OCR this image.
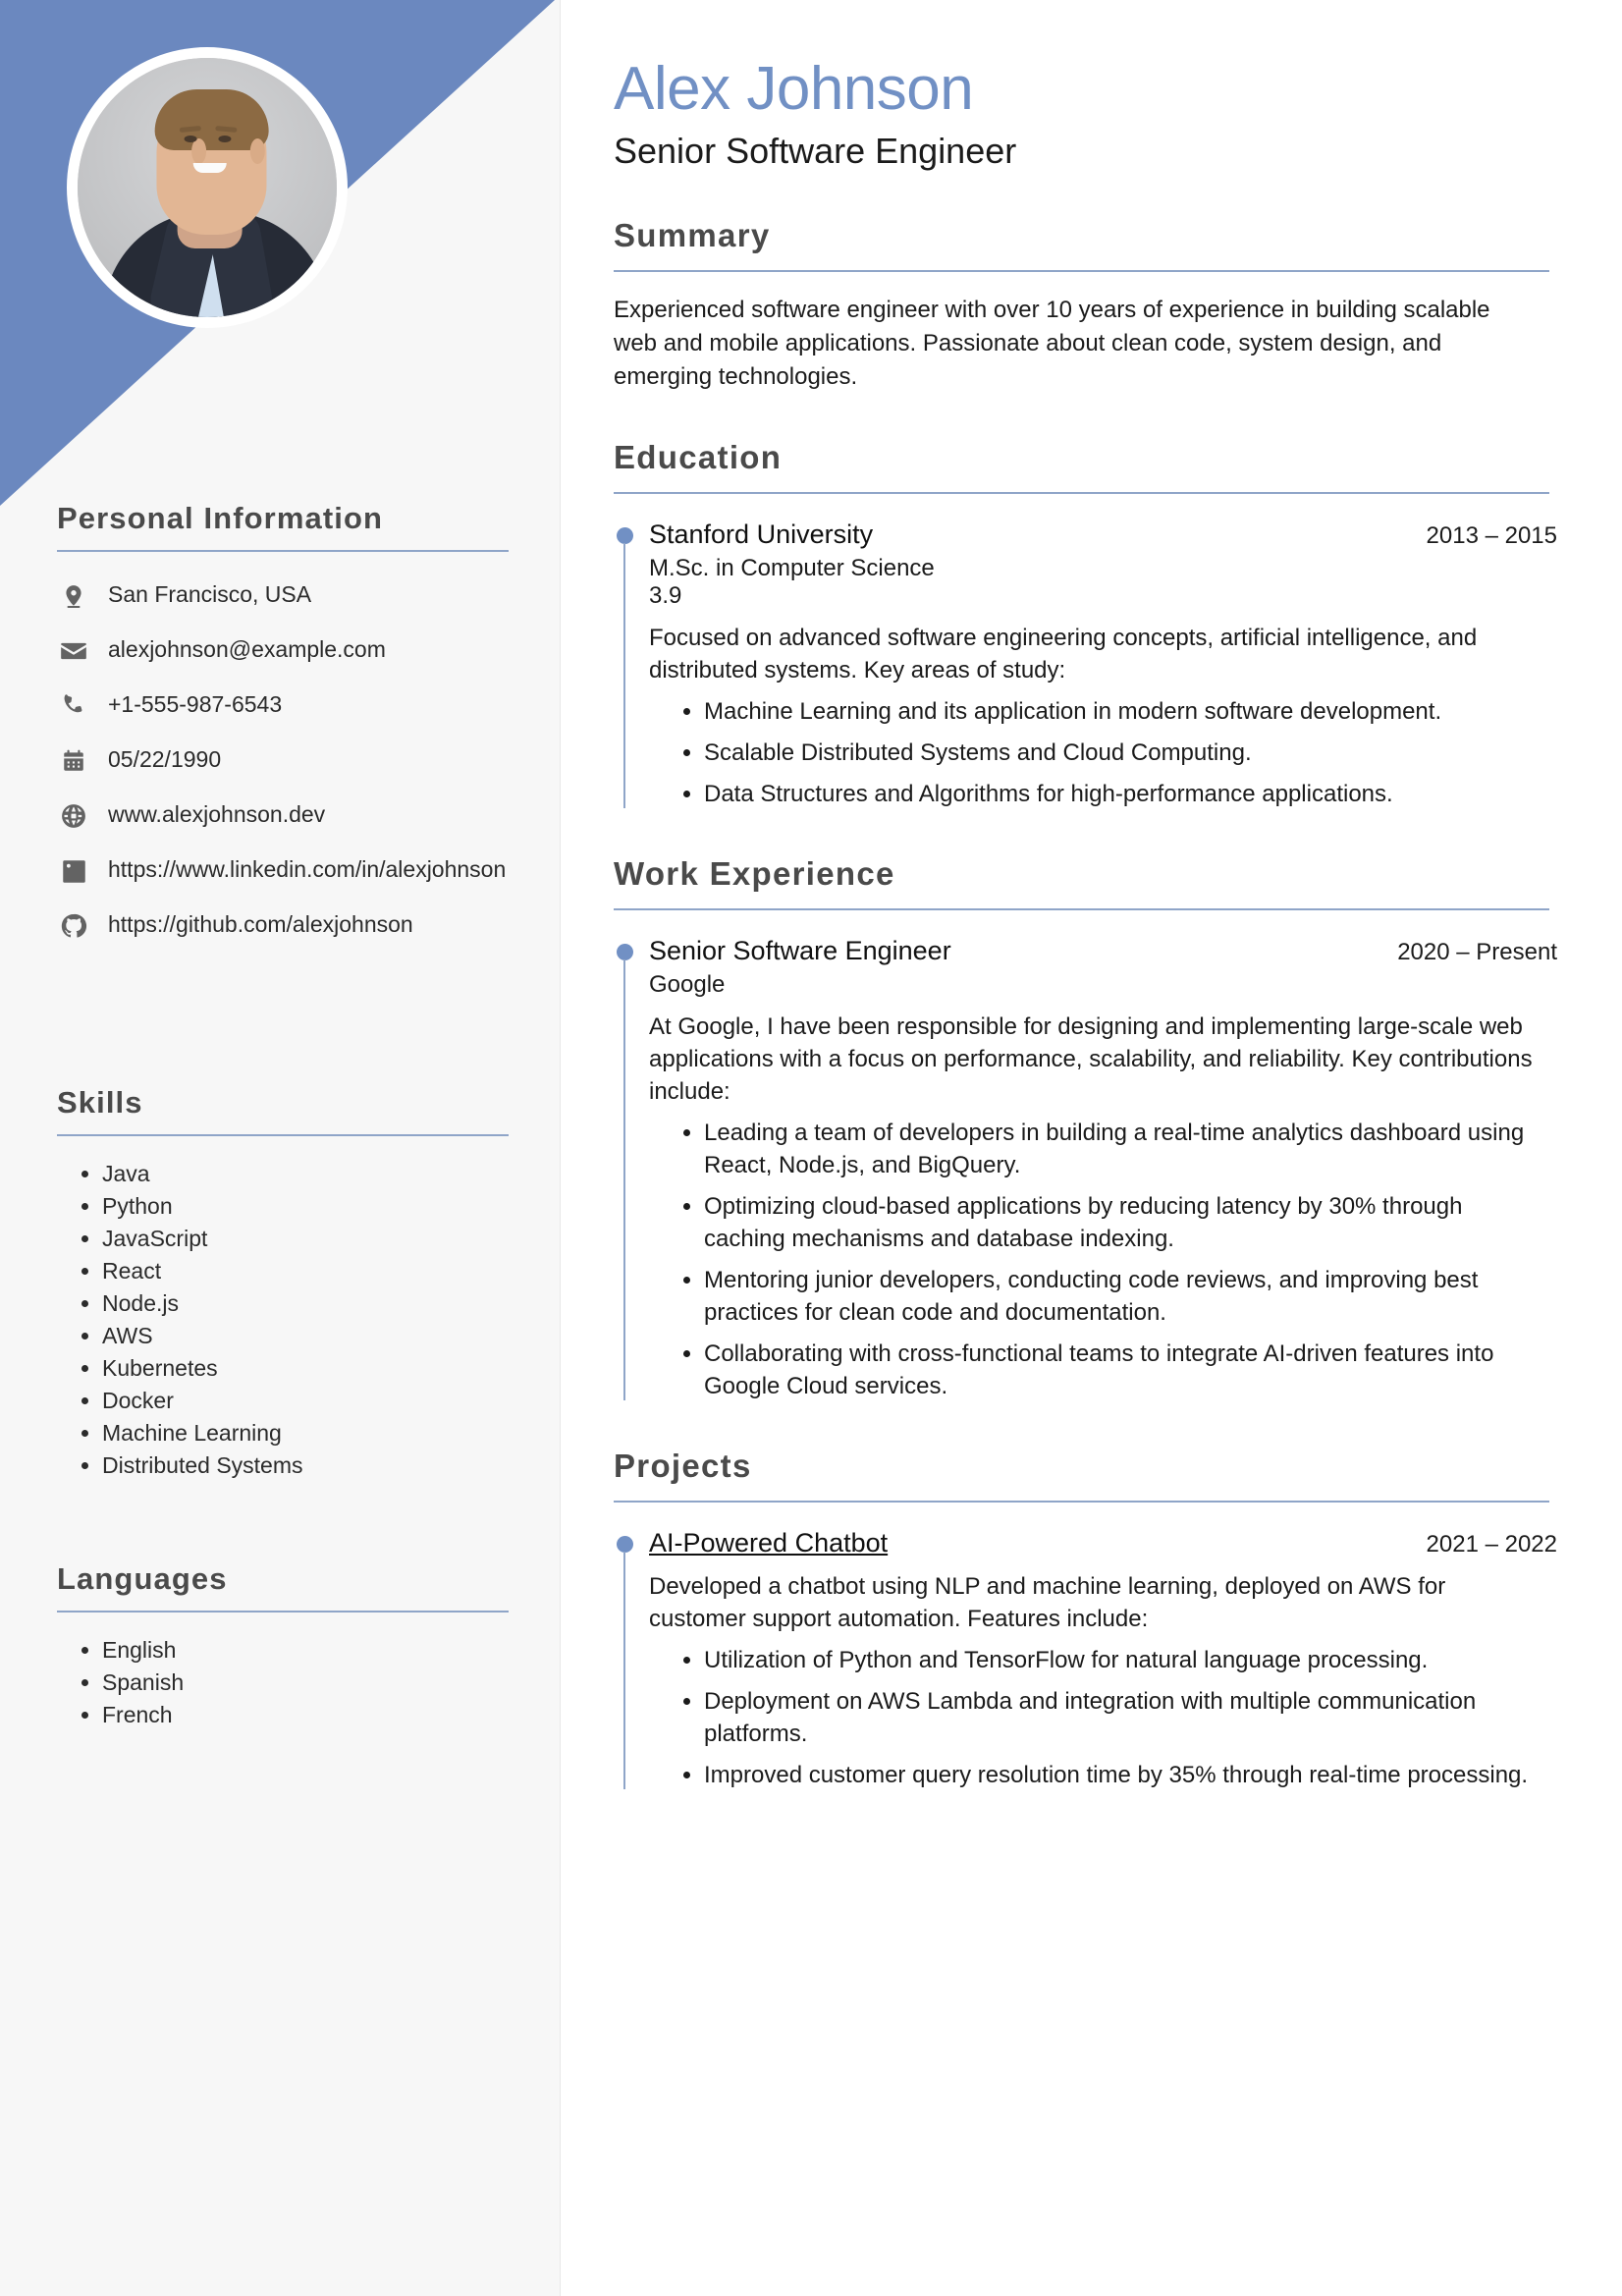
Personal Information
San Francisco, USA
alexjohnson@example.com
+1-555-987-6543
05/22/1990
www.alexjohnson.dev
https://www.linkedin.com/in/alexjohnson
https://github.com/alexjohnson
Skills
• Java
• Python
• JavaScript
• React
• Node.js
• AWS
• Kubernetes
• Docker
• Machine Learning
• Distributed Systems
Languages
• English
• Spanish
• French
Alex Johnson
Senior Software Engineer
Summary

Experienced software engineer with over 10 years of experience in building scalable web and mobile applications. Passionate about clean code, system design, and emerging technologies.

Education
Stanford University	2013 – 2015
M.Sc. in Computer Science
3.9

Focused on advanced software engineering concepts, artificial intelligence, and distributed systems. Key areas of study:

• Machine Learning and its application in modern software development.
• Scalable Distributed Systems and Cloud Computing.
• Data Structures and Algorithms for high-performance applications.
Work Experience
Senior Software Engineer	2020 – Present
Google

At Google, I have been responsible for designing and implementing large-scale web applications with a focus on performance, scalability, and reliability. Key contributions include:

• Leading a team of developers in building a real-time analytics dashboard using React, Node.js, and BigQuery.
• Optimizing cloud-based applications by reducing latency by 30% through caching mechanisms and database indexing.
• Mentoring junior developers, conducting code reviews, and improving best practices for clean code and documentation.
• Collaborating with cross-functional teams to integrate AI-driven features into Google Cloud services.
Projects
AI-Powered Chatbot	2021 – 2022

Developed a chatbot using NLP and machine learning, deployed on AWS for customer support automation. Features include:

• Utilization of Python and TensorFlow for natural language processing.
• Deployment on AWS Lambda and integration with multiple communication platforms.
• Improved customer query resolution time by 35% through real-time processing.
